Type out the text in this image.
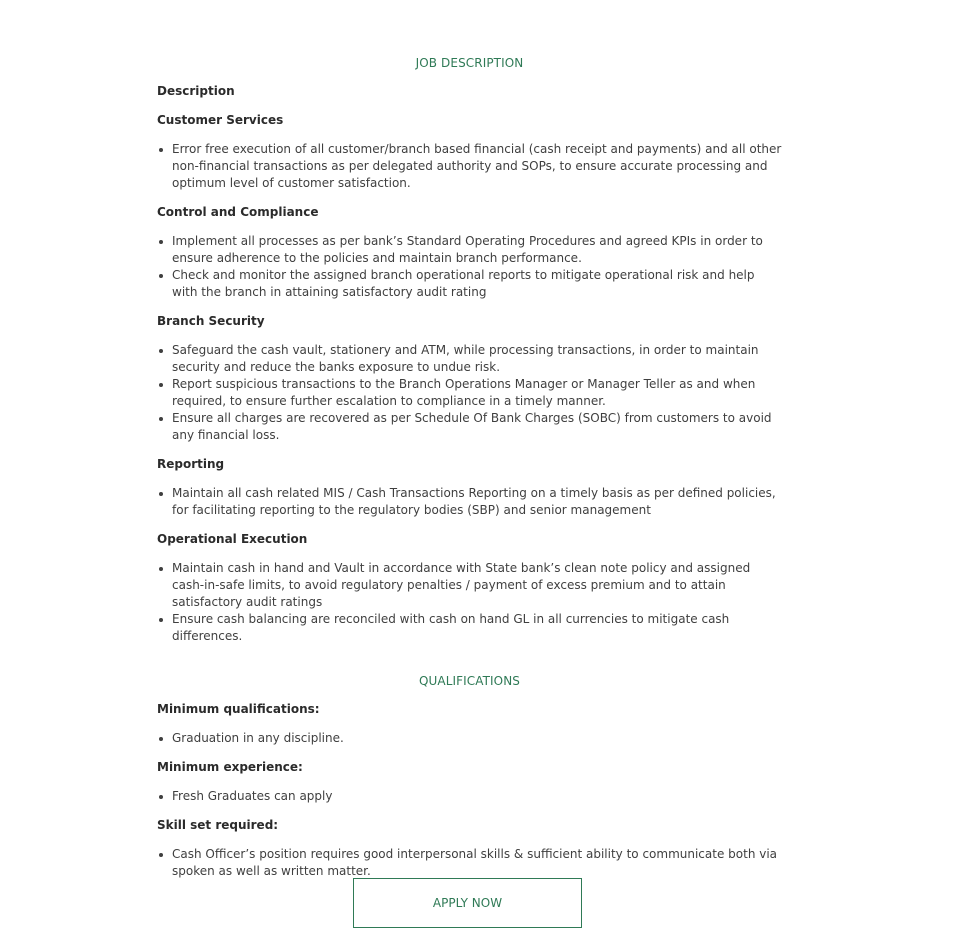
JOB DESCRIPTION
Description
Customer Services
Error free execution of all customer/branch based financial (cash receipt and payments) and all other non-financial transactions as per delegated authority and SOPs, to ensure accurate processing and optimum level of customer satisfaction.
Control and Compliance
Implement all processes as per bank’s Standard Operating Procedures and agreed KPIs in order to ensure adherence to the policies and maintain branch performance.
Check and monitor the assigned branch operational reports to mitigate operational risk and help with the branch in attaining satisfactory audit rating
Branch Security
Safeguard the cash vault, stationery and ATM, while processing transactions, in order to maintain security and reduce the banks exposure to undue risk.
Report suspicious transactions to the Branch Operations Manager or Manager Teller as and when required, to ensure further escalation to compliance in a timely manner.
Ensure all charges are recovered as per Schedule Of Bank Charges (SOBC) from customers to avoid any financial loss.
Reporting
Maintain all cash related MIS / Cash Transactions Reporting on a timely basis as per defined policies, for facilitating reporting to the regulatory bodies (SBP) and senior management
Operational Execution
Maintain cash in hand and Vault in accordance with State bank’s clean note policy and assigned cash-in-safe limits, to avoid regulatory penalties / payment of excess premium and to attain satisfactory audit ratings
Ensure cash balancing are reconciled with cash on hand GL in all currencies to mitigate cash differences.
QUALIFICATIONS
Minimum qualifications:
Graduation in any discipline.
Minimum experience:
Fresh Graduates can apply
Skill set required:
Cash Officer’s position requires good interpersonal skills & sufficient ability to communicate both via spoken as well as written matter.
APPLY NOW
